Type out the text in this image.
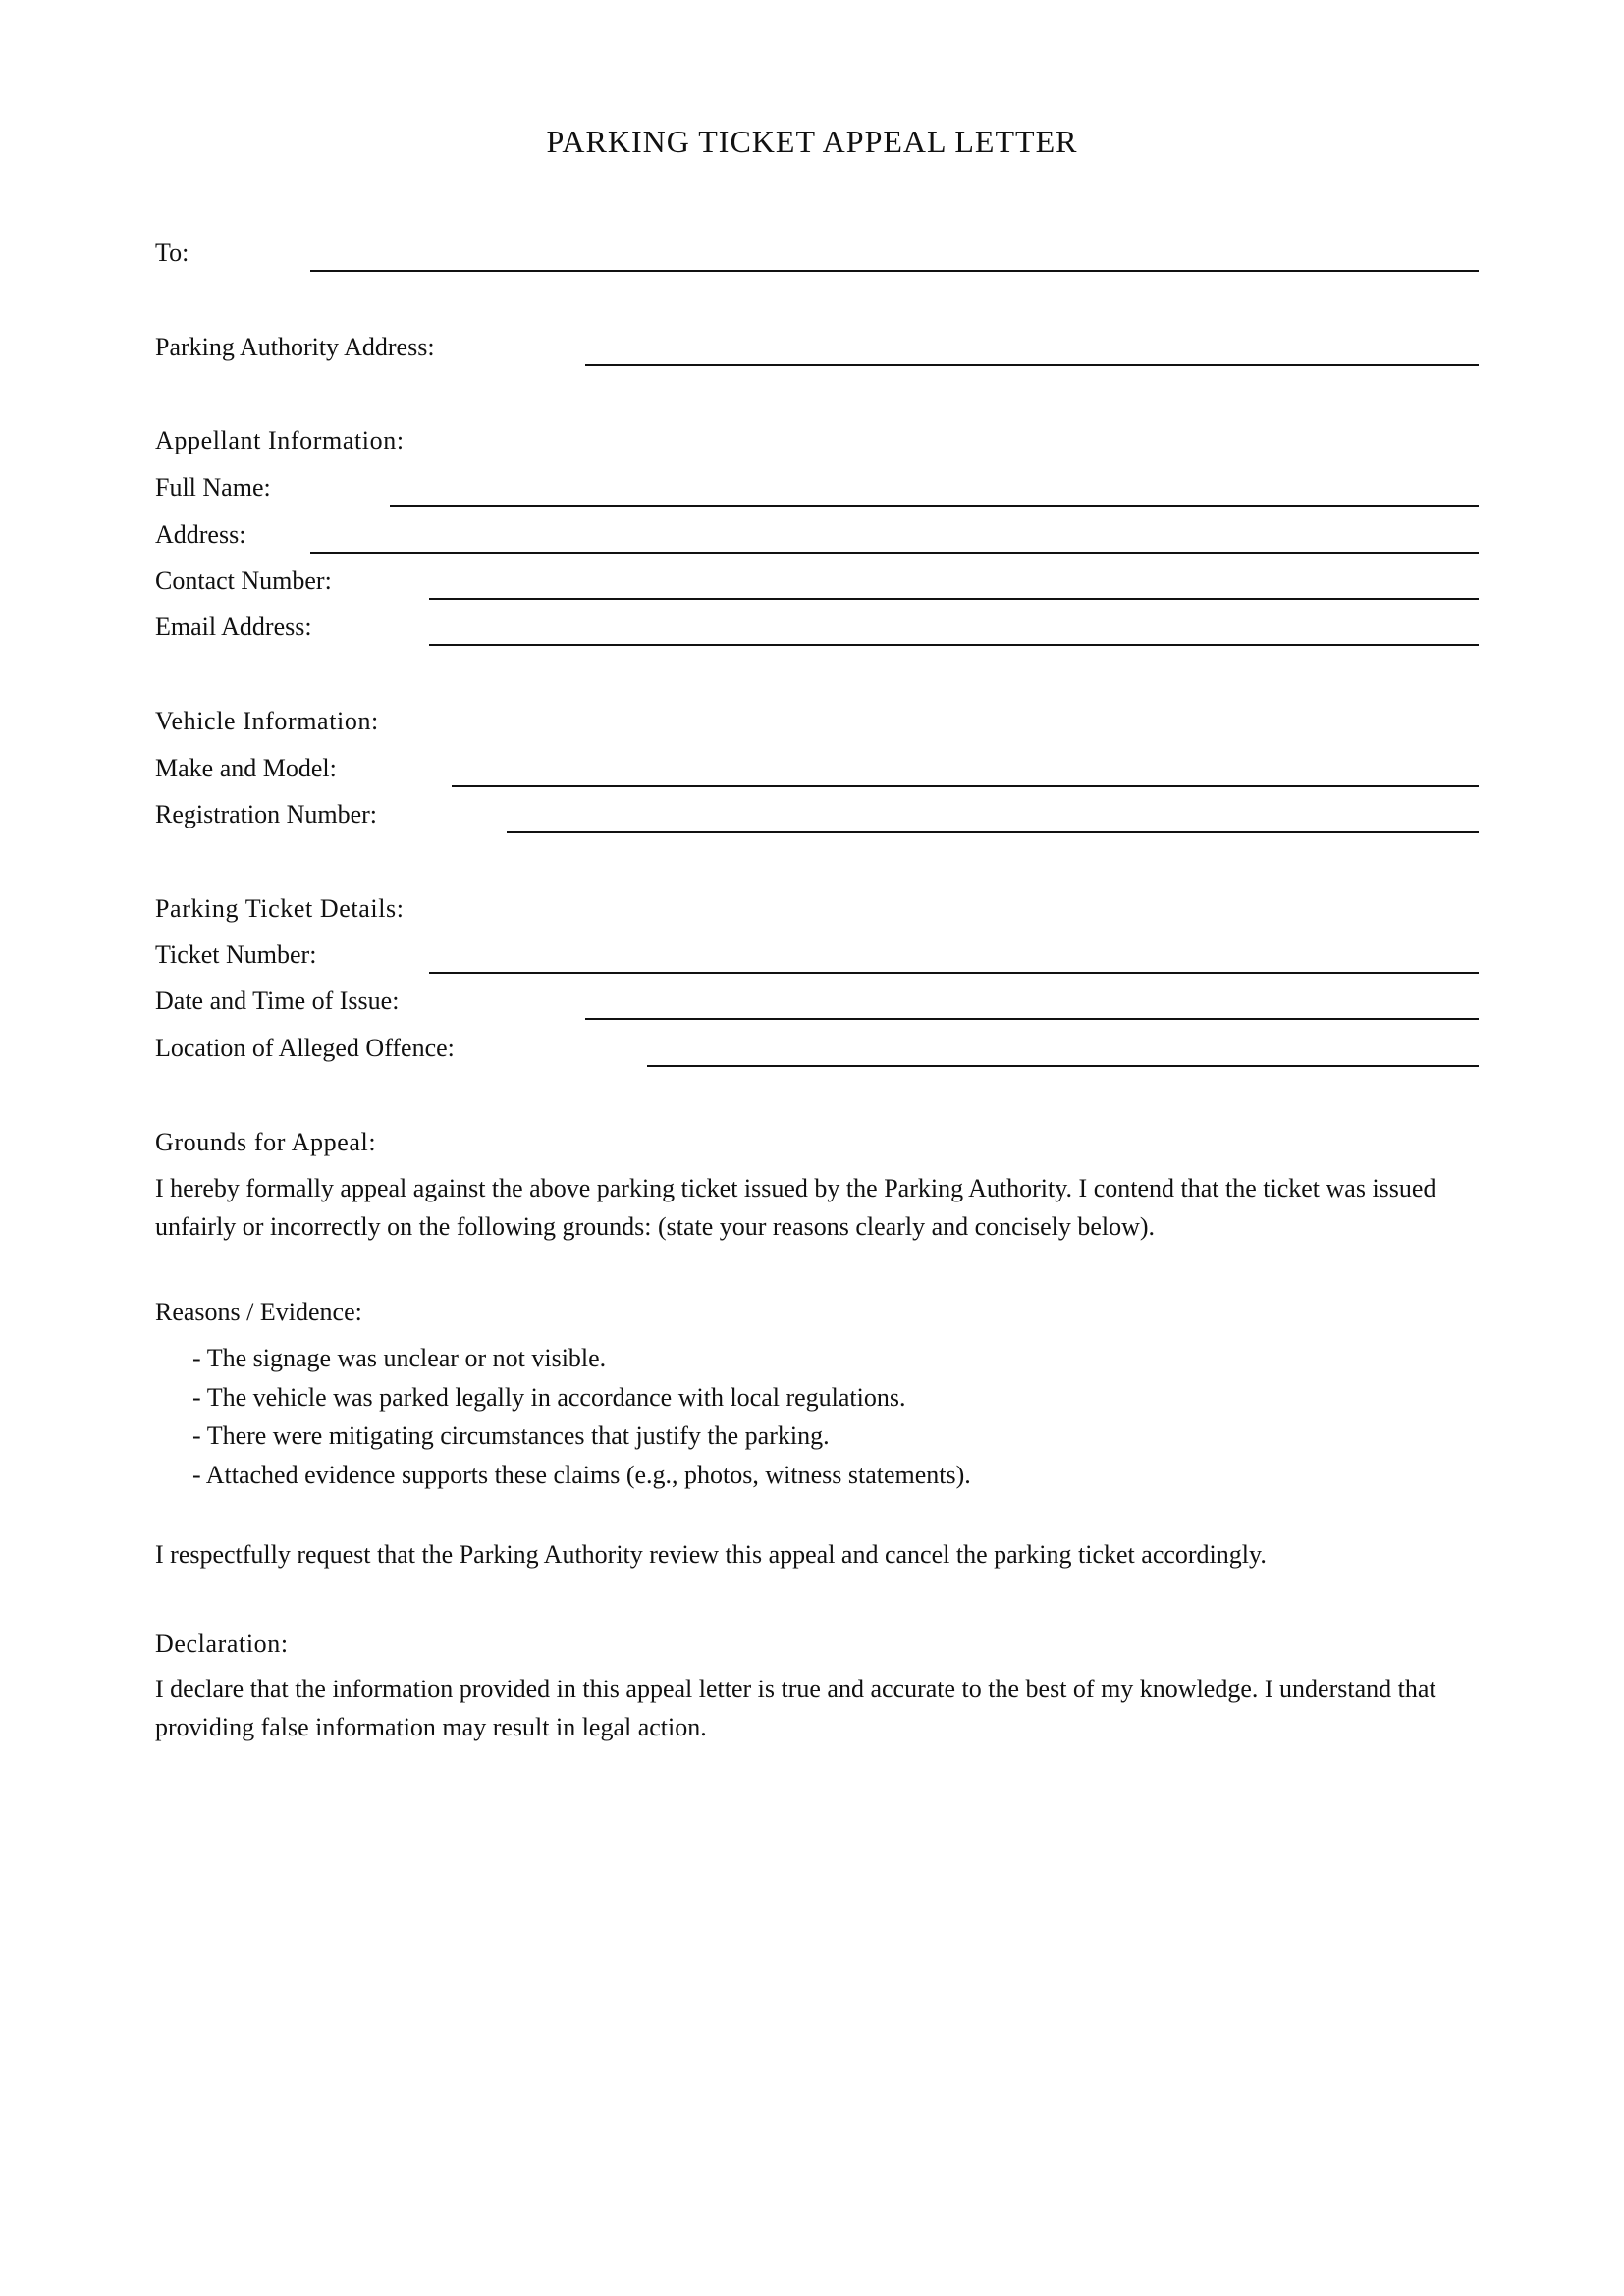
PARKING TICKET APPEAL LETTER
To:
Parking Authority Address:
Appellant Information:
Full Name:
Address:
Contact Number:
Email Address:
Vehicle Information:
Make and Model:
Registration Number:
Parking Ticket Details:
Ticket Number:
Date and Time of Issue:
Location of Alleged Offence:
Grounds for Appeal:
I hereby formally appeal against the above parking ticket issued by the Parking Authority. I contend that the ticket was issued unfairly or incorrectly on the following grounds: (state your reasons clearly and concisely below).
Reasons / Evidence:
- The signage was unclear or not visible.
- The vehicle was parked legally in accordance with local regulations.
- There were mitigating circumstances that justify the parking.
- Attached evidence supports these claims (e.g., photos, witness statements).
I respectfully request that the Parking Authority review this appeal and cancel the parking ticket accordingly.
Declaration:
I declare that the information provided in this appeal letter is true and accurate to the best of my knowledge. I understand that providing false information may result in legal action.
